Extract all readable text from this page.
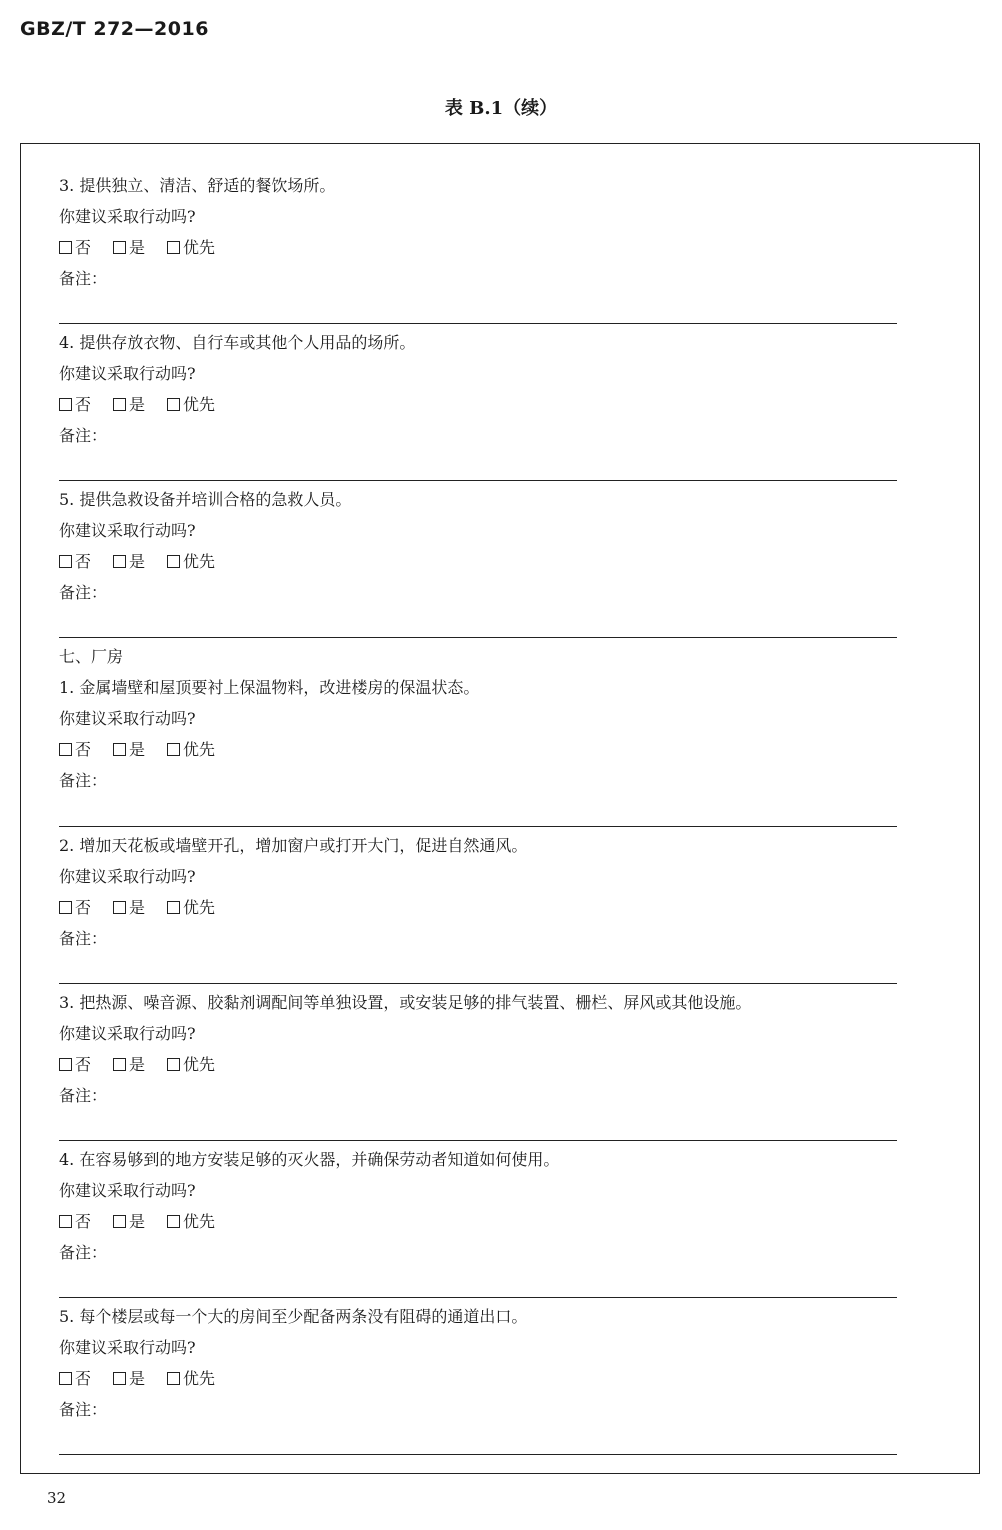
GBZ/T 272—2016
表 B.1（续）
3. 提供独立、清洁、舒适的餐饮场所。
你建议采取行动吗?
否 是 优先
备注：
4. 提供存放衣物、自行车或其他个人用品的场所。
你建议采取行动吗?
否 是 优先
备注：
5. 提供急救设备并培训合格的急救人员。
你建议采取行动吗?
否 是 优先
备注：
七、厂房
1. 金属墙壁和屋顶要衬上保温物料，改进楼房的保温状态。
你建议采取行动吗?
否 是 优先
备注：
2. 增加天花板或墙壁开孔，增加窗户或打开大门，促进自然通风。
你建议采取行动吗?
否 是 优先
备注：
3. 把热源、噪音源、胶黏剂调配间等单独设置，或安装足够的排气装置、栅栏、屏风或其他设施。
你建议采取行动吗?
否 是 优先
备注：
4. 在容易够到的地方安装足够的灭火器，并确保劳动者知道如何使用。
你建议采取行动吗?
否 是 优先
备注：
5. 每个楼层或每一个大的房间至少配备两条没有阻碍的通道出口。
你建议采取行动吗?
否 是 优先
备注：
32
